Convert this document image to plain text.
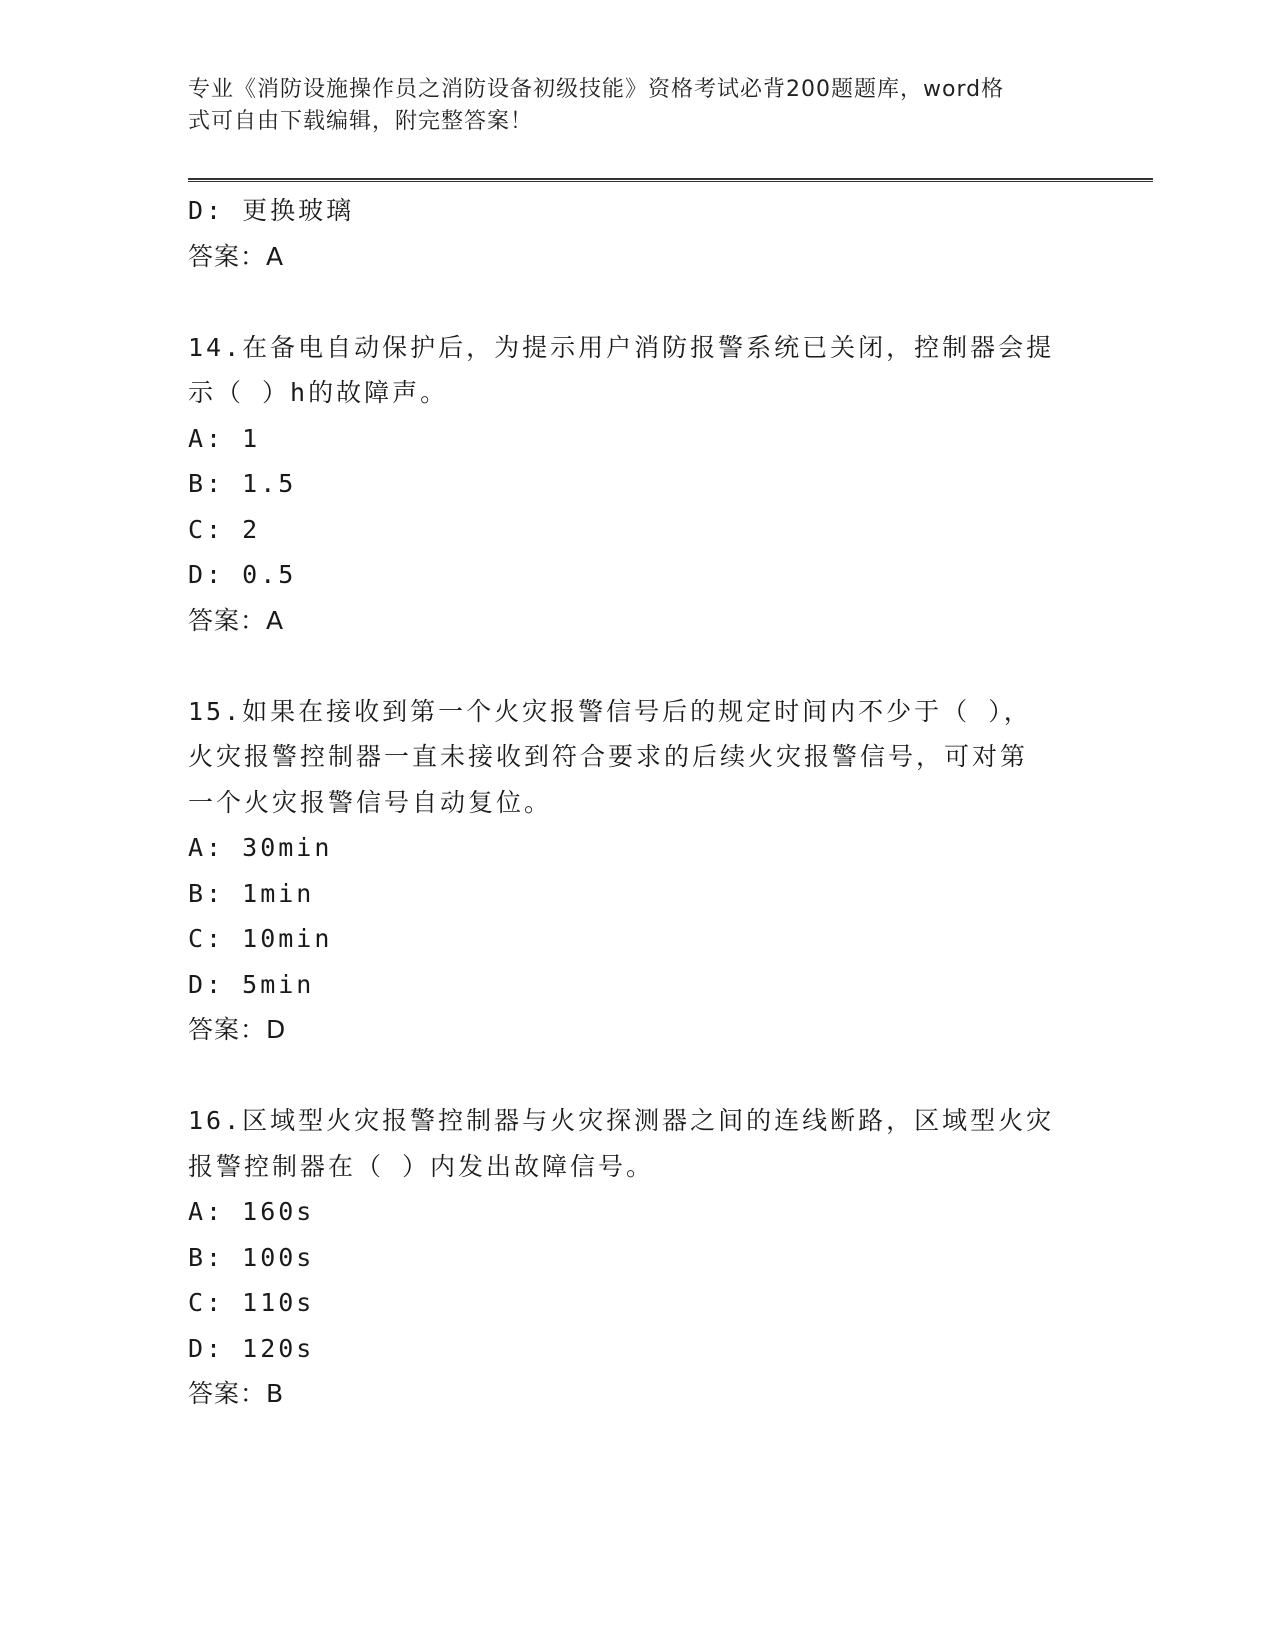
专业《消防设施操作员之消防设备初级技能》资格考试必背200题题库，word格
式可自由下载编辑，附完整答案！
D: 更换玻璃
答案：A
14.在备电自动保护后，为提示用户消防报警系统已关闭，控制器会提
示（ ）h的故障声。
A: 1
B: 1.5
C: 2
D: 0.5
答案：A
15.如果在接收到第一个火灾报警信号后的规定时间内不少于（ ），
火灾报警控制器一直未接收到符合要求的后续火灾报警信号，可对第
一个火灾报警信号自动复位。
A: 30min
B: 1min
C: 10min
D: 5min
答案：D
16.区域型火灾报警控制器与火灾探测器之间的连线断路，区域型火灾
报警控制器在（ ）内发出故障信号。
A: 160s
B: 100s
C: 110s
D: 120s
答案：B
